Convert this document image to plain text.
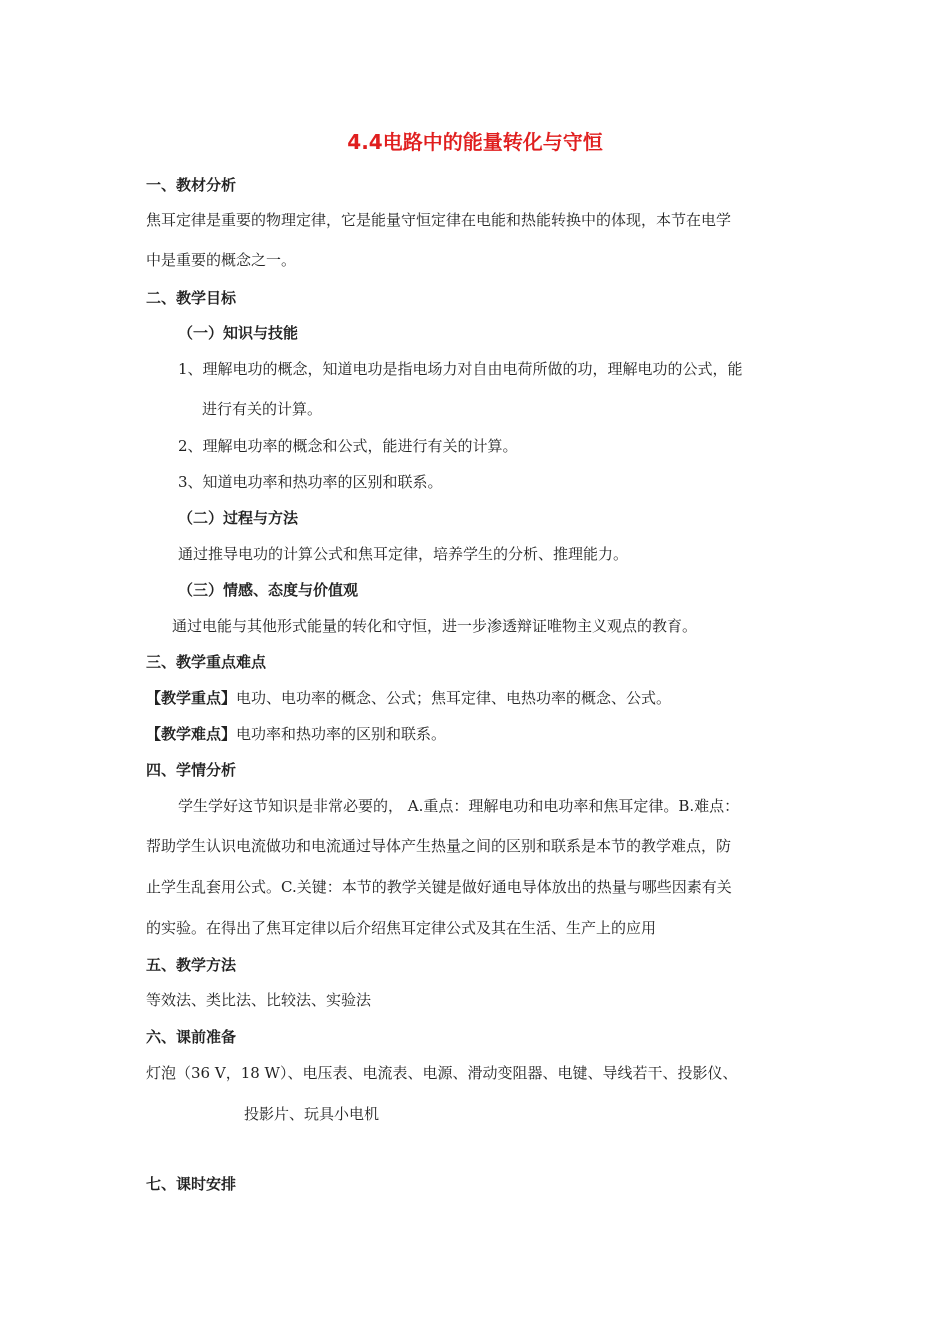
4.4电路中的能量转化与守恒
一、教材分析
焦耳定律是重要的物理定律，它是能量守恒定律在电能和热能转换中的体现，本节在电学
中是重要的概念之一。
二、教学目标
（一）知识与技能
1、理解电功的概念，知道电功是指电场力对自由电荷所做的功，理解电功的公式，能
进行有关的计算。
2、理解电功率的概念和公式，能进行有关的计算。
3、知道电功率和热功率的区别和联系。
（二）过程与方法
通过推导电功的计算公式和焦耳定律，培养学生的分析、推理能力。
（三）情感、态度与价值观
通过电能与其他形式能量的转化和守恒，进一步渗透辩证唯物主义观点的教育。
三、教学重点难点
【教学重点】电功、电功率的概念、公式；焦耳定律、电热功率的概念、公式。
【教学难点】电功率和热功率的区别和联系。
四、学情分析
学生学好这节知识是非常必要的， A.重点：理解电功和电功率和焦耳定律。B.难点：
帮助学生认识电流做功和电流通过导体产生热量之间的区别和联系是本节的教学难点，防
止学生乱套用公式。C.关键：本节的教学关键是做好通电导体放出的热量与哪些因素有关
的实验。在得出了焦耳定律以后介绍焦耳定律公式及其在生活、生产上的应用
五、教学方法
等效法、类比法、比较法、实验法
六、课前准备
灯泡（36 V，18 W）、电压表、电流表、电源、滑动变阻器、电键、导线若干、投影仪、
投影片、玩具小电机
七、课时安排
